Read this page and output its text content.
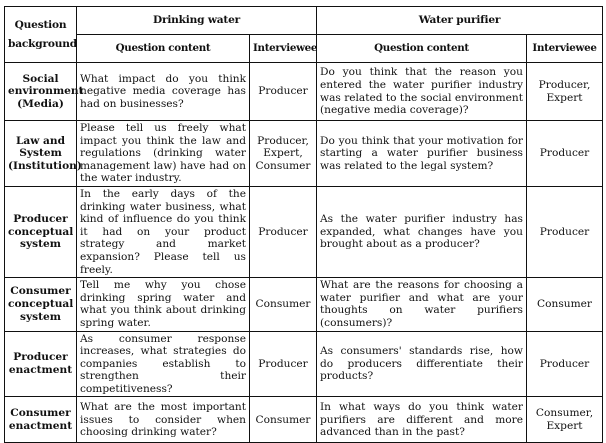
Question
background	Drinking water		Water purifier	
	Question content	Interviewee	Question content	Interviewee
Social environment (Media)	What impact do you think negative media coverage has had on businesses?	Producer	Do you think that the reason you entered the water purifier industry was related to the social environment (negative media coverage)?	Producer, Expert
Law and System (Institution)	Please tell us freely what impact you think the law and regulations (drinking water management law) have had on the water industry.	Producer, Expert, Consumer	Do you think that your motivation for starting a water purifier business was related to the legal system?	Producer
Producer conceptual system	In the early days of the drinking water business, what kind of influence do you think it had on your product strategy and market expansion? Please tell us freely.	Producer	As the water purifier industry has expanded, what changes have you brought about as a producer?	Producer
Consumer conceptual system	Tell me why you chose drinking spring water and what you think about drinking spring water.	Consumer	What are the reasons for choosing a water purifier and what are your thoughts on water purifiers (consumers)?	Consumer
Producer enactment	As consumer response increases, what strategies do companies establish to strengthen their competitiveness?	Producer	As consumers' standards rise, how do producers differentiate their products?	Producer
Consumer enactment	What are the most important issues to consider when choosing drinking water?	Consumer	In what ways do you think water purifiers are different and more advanced than in the past?	Consumer, Expert
